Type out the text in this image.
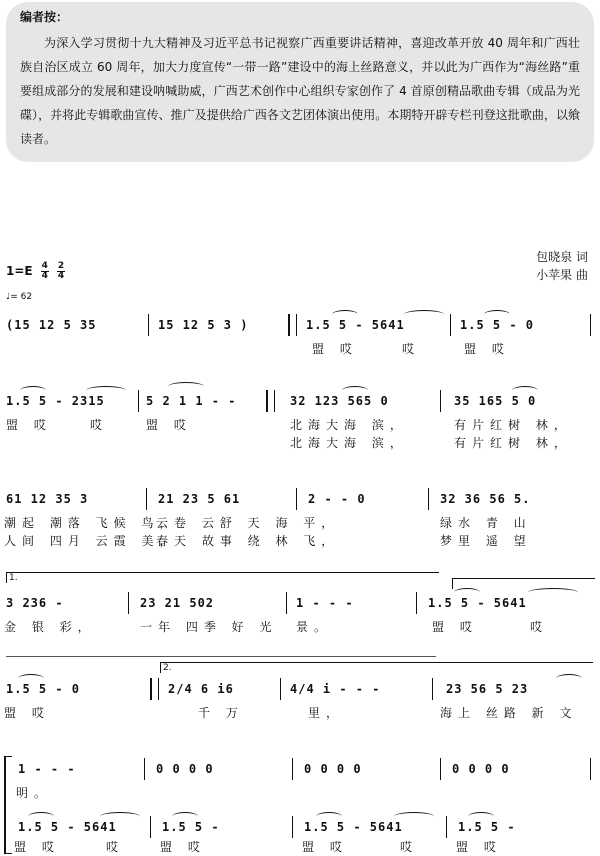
编者按：

为深入学习贯彻十九大精神及习近平总书记视察广西重要讲话精神，喜迎改革开放 40 周年和广西壮族自治区成立 60 周年，加大力度宣传“一带一路”建设中的海上丝路意义，并以此为广西作为“海丝路”重要组成部分的发展和建设呐喊助威，广西艺术创作中心组织专家创作了 4 首原创精品歌曲专辑（成品为光碟），并将此专辑歌曲宣传、推广及提供给广西各文艺团体演出使用。本期特开辟专栏刊登这批歌曲，以飨读者。

包晓泉 词
小苹果 曲
$1=E \frac{4}{4}$
$\frac{2}{4}$
♩= 62
(15 12 5 35	15 12 5 3 )	1.5 5 - 5641	1.5 5 - 0
盟 哎	哎	盟 哎
1.5 5 - 2315	5 2 1 1 - -	32 123 565 0	35 165 5 0
盟 哎	哎	盟 哎	北海大海 滨，	有片红树 林，
北海大海 滨，	有片红树 林，
61 12 35 3	21 23 5 61	2 - - 0	32 36 56 5.
潮起 潮落 飞候 鸟，
云卷 云舒 天 海 平，	绿水 青 山
人间 四月 云霞 美，
春天 故事 绕 林 飞，	梦里 遥 望
1.
3 236 -	23 21 502	1 - - -	1.5 5 - 5641
金 银 彩，	一年 四季 好 光 景。	盟 哎	哎
2.
1.5 5 - 0	2/4 6 i6	4/4 i - - -	23 56 5 23
盟 哎	千 万	里，	海上 丝路 新 文
1 - - -	0 0 0 0	0 0 0 0	0 0 0 0
明。
1.5 5 - 5641	1.5 5 -	1.5 5 - 5641	1.5 5 -
盟 哎	哎	盟 哎	盟 哎	哎	盟 哎
